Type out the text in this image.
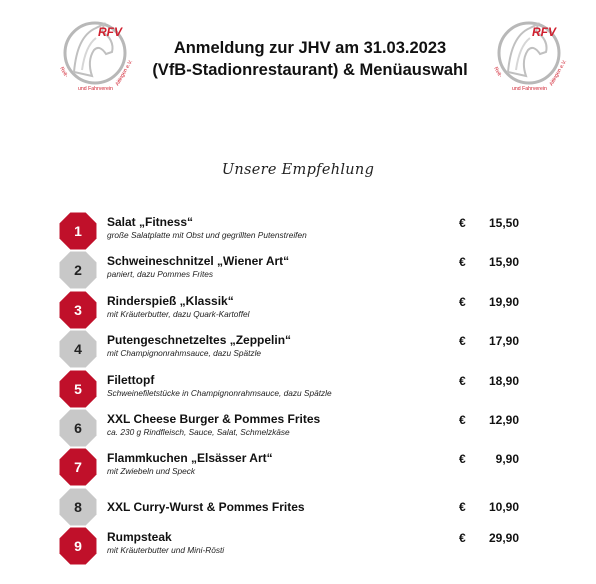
RFV
Reit-
und Fahrverein
Aitingen e.V.
RFV
Reit-
und Fahrverein
Aitingen e.V.
Anmeldung zur JHV am 31.03.2023
(VfB-Stadionrestaurant) & Menüauswahl
Unsere Empfehlung
1
Salat „Fitness“
große Salatplatte mit Obst und gegrillten Putenstreifen
€ 15,50
2
Schweineschnitzel „Wiener Art“
paniert, dazu Pommes Frites
€ 15,90
3
Rinderspieß „Klassik“
mit Kräuterbutter, dazu Quark-Kartoffel
€ 19,90
4
Putengeschnetzeltes „Zeppelin“
mit Champignonrahmsauce, dazu Spätzle
€ 17,90
5
Filettopf
Schweinefiletstücke in Champignonrahmsauce, dazu Spätzle
€ 18,90
6
XXL Cheese Burger & Pommes Frites
ca. 230 g Rindfleisch, Sauce, Salat, Schmelzkäse
€ 12,90
7
Flammkuchen „Elsässer Art“
mit Zwiebeln und Speck
€ 9,90
8	XXL Curry-Wurst & Pommes Frites	€ 10,90
9
Rumpsteak
mit Kräuterbutter und Mini-Rösti
€ 29,90
